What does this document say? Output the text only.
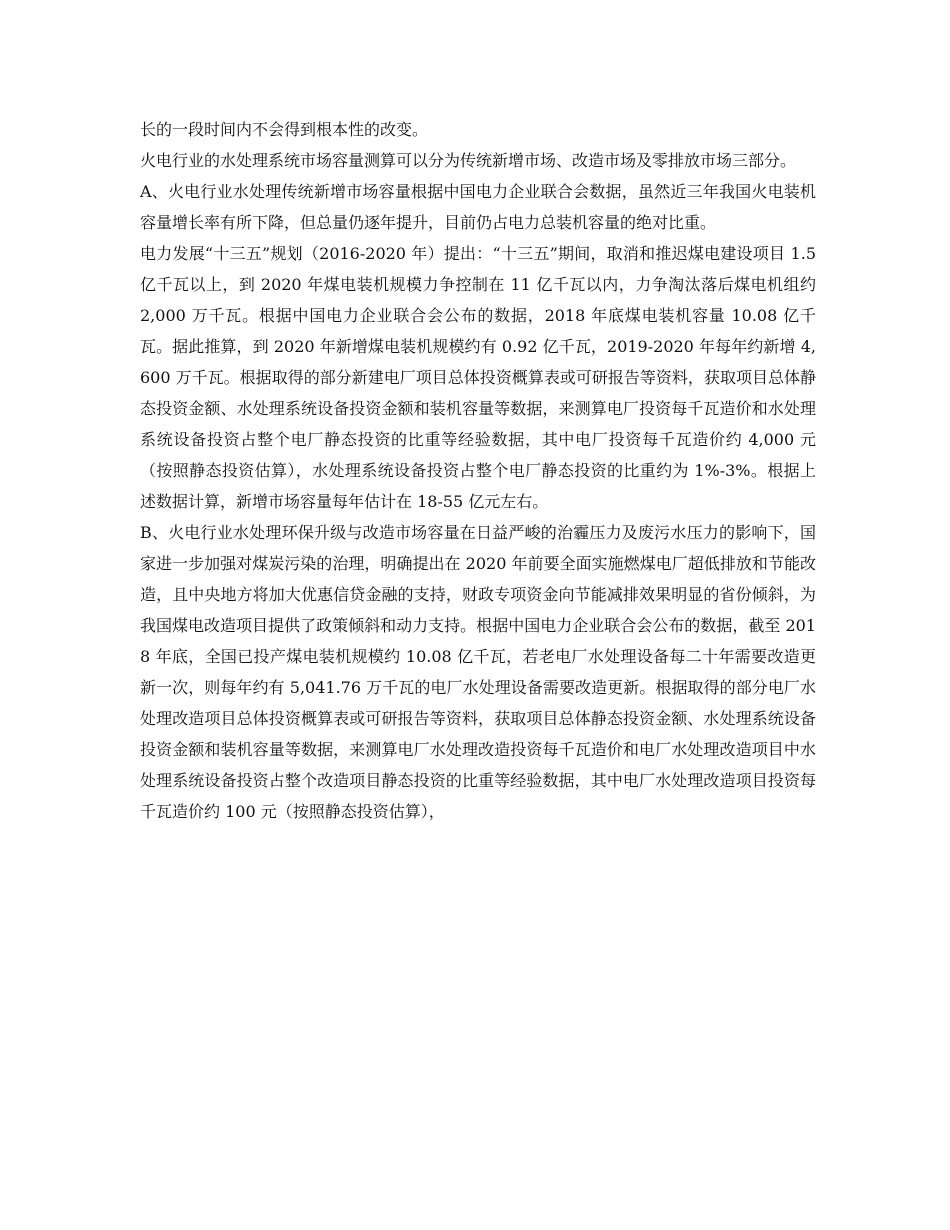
长的一段时间内不会得到根本性的改变。

火电行业的水处理系统市场容量测算可以分为传统新增市场、改造市场及零排放市场三部分。

A、火电行业水处理传统新增市场容量根据中国电力企业联合会数据，虽然近三年我国火电装机容量增长率有所下降，但总量仍逐年提升，目前仍占电力总装机容量的绝对比重。

电力发展“十三五”规划（2016-2020 年）提出：“十三五”期间，取消和推迟煤电建设项目 1.5 亿千瓦以上，到 2020 年煤电装机规模力争控制在 11 亿千瓦以内，力争淘汰落后煤电机组约 2,000 万千瓦。根据中国电力企业联合会公布的数据，2018 年底煤电装机容量 10.08 亿千瓦。据此推算，到 2020 年新增煤电装机规模约有 0.92 亿千瓦，2019-2020 年每年约新增 4,600 万千瓦。根据取得的部分新建电厂项目总体投资概算表或可研报告等资料，获取项目总体静态投资金额、水处理系统设备投资金额和装机容量等数据，来测算电厂投资每千瓦造价和水处理系统设备投资占整个电厂静态投资的比重等经验数据，其中电厂投资每千瓦造价约 4,000 元（按照静态投资估算），水处理系统设备投资占整个电厂静态投资的比重约为 1%-3%。根据上述数据计算，新增市场容量每年估计在 18-55 亿元左右。

B、火电行业水处理环保升级与改造市场容量在日益严峻的治霾压力及废污水压力的影响下，国家进一步加强对煤炭污染的治理，明确提出在 2020 年前要全面实施燃煤电厂超低排放和节能改造，且中央地方将加大优惠信贷金融的支持，财政专项资金向节能减排效果明显的省份倾斜，为我国煤电改造项目提供了政策倾斜和动力支持。根据中国电力企业联合会公布的数据，截至 2018 年底，全国已投产煤电装机规模约 10.08 亿千瓦，若老电厂水处理设备每二十年需要改造更新一次，则每年约有 5,041.76 万千瓦的电厂水处理设备需要改造更新。根据取得的部分电厂水处理改造项目总体投资概算表或可研报告等资料，获取项目总体静态投资金额、水处理系统设备投资金额和装机容量等数据，来测算电厂水处理改造投资每千瓦造价和电厂水处理改造项目中水处理系统设备投资占整个改造项目静态投资的比重等经验数据，其中电厂水处理改造项目投资每千瓦造价约 100 元（按照静态投资估算），
